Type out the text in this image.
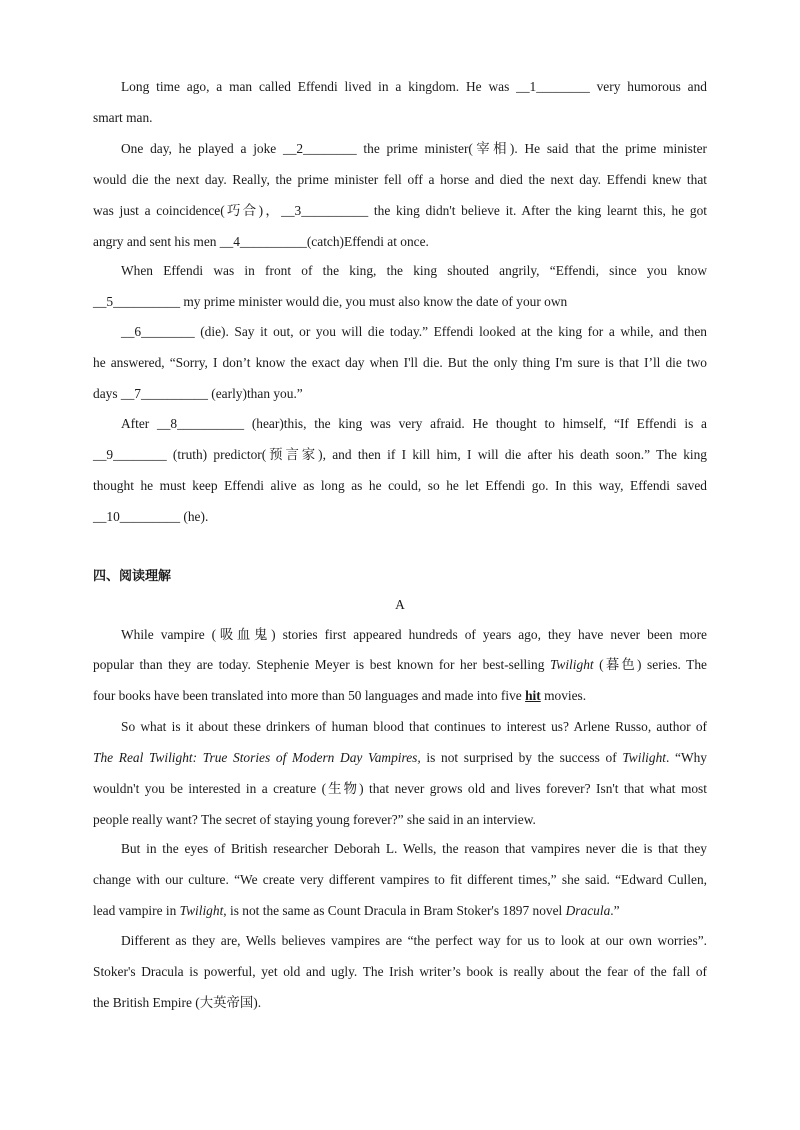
Long time ago, a man called Effendi lived in a kingdom. He was __1________ very humorous and
smart man.
One day, he played a joke __2________ the prime minister(宰相). He said that the prime minister
would die the next day. Really, the prime minister fell off a horse and died the next day. Effendi knew that
was just a coincidence(巧合)，__3__________ the king didn't believe it. After the king learnt this, he got
angry and sent his men __4__________(catch)Effendi at once.
When Effendi was in front of the king, the king shouted angrily, “Effendi, since you know
__5__________ my prime minister would die, you must also know the date of your own
__6________ (die). Say it out, or you will die today.” Effendi looked at the king for a while, and then
he answered, “Sorry, I don’t know the exact day when I'll die. But the only thing I'm sure is that I’ll die two
days __7__________ (early)than you.”
After __8__________ (hear)this, the king was very afraid. He thought to himself, “If Effendi is a
__9________ (truth) predictor(预言家), and then if I kill him, I will die after his death soon.” The king
thought he must keep Effendi alive as long as he could, so he let Effendi go. In this way, Effendi saved
__10_________ (he).
四、阅读理解
A
While vampire (吸血鬼) stories first appeared hundreds of years ago, they have never been more
popular than they are today. Stephenie Meyer is best known for her best-selling Twilight (暮色) series. The
four books have been translated into more than 50 languages and made into five hit movies.
So what is it about these drinkers of human blood that continues to interest us? Arlene Russo, author of
The Real Twilight: True Stories of Modern Day Vampires, is not surprised by the success of Twilight. “Why
wouldn't you be interested in a creature (生物) that never grows old and lives forever? Isn't that what most
people really want? The secret of staying young forever?” she said in an interview.
But in the eyes of British researcher Deborah L. Wells, the reason that vampires never die is that they
change with our culture. “We create very different vampires to fit different times,” she said. “Edward Cullen,
lead vampire in Twilight, is not the same as Count Dracula in Bram Stoker's 1897 novel Dracula.”
Different as they are, Wells believes vampires are “the perfect way for us to look at our own worries”.
Stoker's Dracula is powerful, yet old and ugly. The Irish writer’s book is really about the fear of the fall of
the British Empire (大英帝国).
